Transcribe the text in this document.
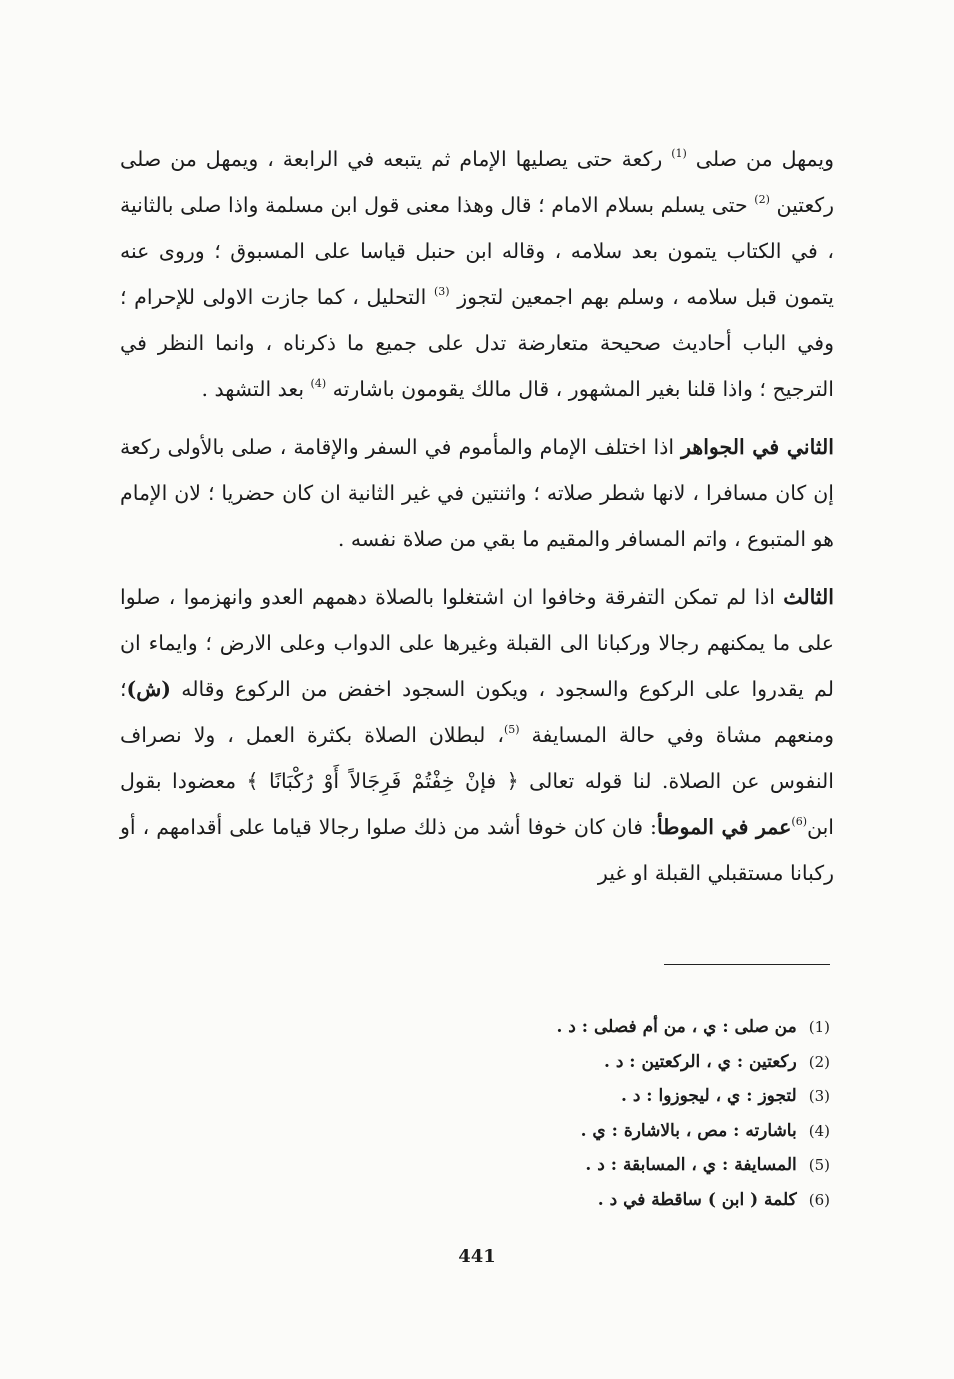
ويمهل من صلى $^{(1)}$ ركعة حتى يصليها الإمام ثم يتبعه في الرابعة ، ويمهل من صلى ركعتين $^{(2)}$ حتى يسلم بسلام الامام ؛ قال وهذا معنى قول ابن مسلمة واذا صلى بالثانية ، في الكتاب يتمون بعد سلامه ، وقاله ابن حنبل قياسا على المسبوق ؛ وروى عنه يتمون قبل سلامه ، وسلم بهم اجمعين لتجوز $^{(3)}$ التحليل ، كما جازت الاولى للإحرام ؛ وفي الباب أحاديث صحيحة متعارضة تدل على جميع ما ذكرناه ، وانما النظر في الترجيح ؛ واذا قلنا بغير المشهور ، قال مالك يقومون باشارته $^{(4)}$ بعد التشهد .

الثاني في الجواهر اذا اختلف الإمام والمأموم في السفر والإقامة ، صلى بالأولى ركعة إن كان مسافرا ، لانها شطر صلاته ؛ واثنتين في غير الثانية ان كان حضريا ؛ لان الإمام هو المتبوع ، واتم المسافر والمقيم ما بقي من صلاة نفسه .

الثالث اذا لم تمكن التفرقة وخافوا ان اشتغلوا بالصلاة دهمهم العدو وانهزموا ، صلوا على ما يمكنهم رجالا وركبانا الى القبلة وغيرها على الدواب وعلى الارض ؛ وايماء ان لم يقدروا على الركوع والسجود ، ويكون السجود اخفض من الركوع وقاله (ش)؛ ومنعهم مشاة وفي حالة المسايفة $^{(5)}$، لبطلان الصلاة بكثرة العمل ، ولا نصراف النفوس عن الصلاة. لنا قوله تعالى ﴿ فإنْ خِفْتُمْ فَرِجَالاً أَوْ رُكْبَانًا ﴾ معضودا بقول ابن$^{(6)}$عمر في الموطأ: فان كان خوفا أشد من ذلك صلوا رجالا قياما على أقدامهم ، أو ركبانا مستقبلي القبلة او غير

(1)
من صلى : ي ، من أم فصلى : د .
(2)
ركعتين : ي ، الركعتين : د .
(3)
لتجوز : ي ، ليجوزوا : د .
(4)
باشارته : مص ، بالاشارة : ي .
(5)
المسايفة : ي ، المسابقة : د .
(6)
كلمة ( ابن ) ساقطة في د .
441
